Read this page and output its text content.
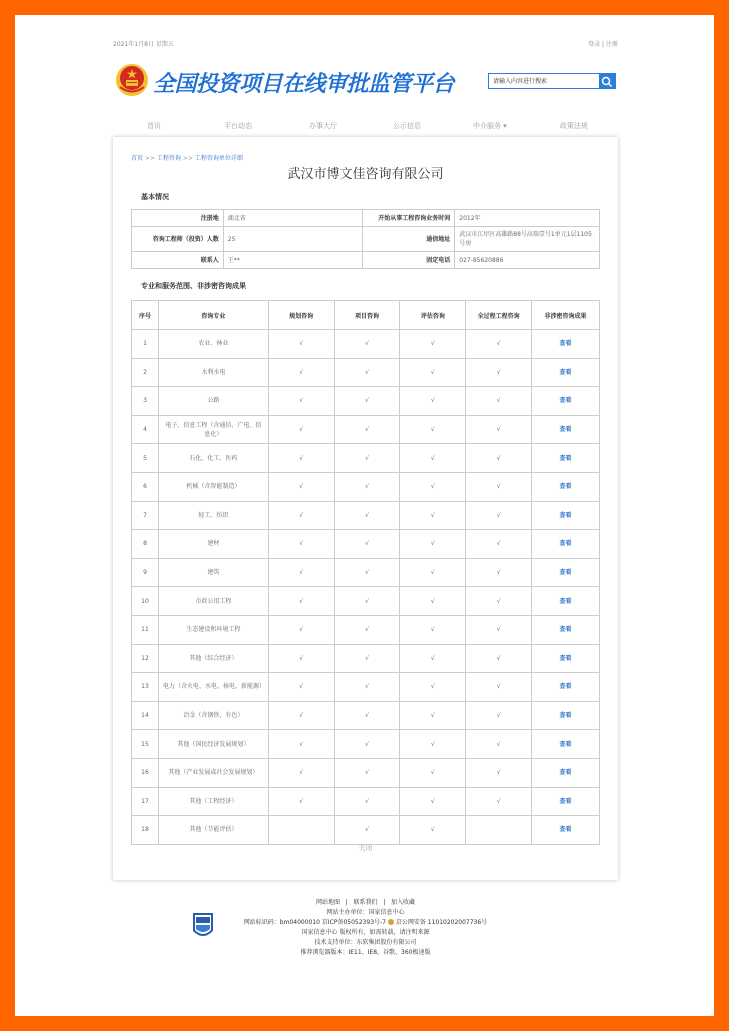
2021年1月8日 星期五	登录 | 注册
全国投资项目在线审批监管平台
请输入内容进行搜索
首页	平台动态	办事大厅	公示信息	中介服务 ▾	政策法规
首页 >> 工程咨询 >> 工程咨询单位详细
武汉市博文佳咨询有限公司
基本情况
注册地	湖北省	开始从事工程咨询业务时间	2012年
咨询工程师（投资）人数	25	通信地址	武汉市江岸区高雄路88号高瑞壹号1单元1层1105号房
联系人	王**	固定电话	027-85620886
专业和服务范围、非涉密咨询成果
序号	咨询专业	规划咨询	项目咨询	评估咨询	全过程工程咨询	非涉密咨询成果
1	农业、林业	√	√	√	√	查看
2	水利水电	√	√	√	√	查看
3	公路	√	√	√	√	查看
4	电子、信息工程（含通信、广电、信息化）	√	√	√	√	查看
5	石化、化工、医药	√	√	√	√	查看
6	机械（含智能制造）	√	√	√	√	查看
7	轻工、纺织	√	√	√	√	查看
8	建材	√	√	√	√	查看
9	建筑	√	√	√	√	查看
10	市政公用工程	√	√	√	√	查看
11	生态建设和环境工程	√	√	√	√	查看
12	其他（综合经济）	√	√	√	√	查看
13	电力（含火电、水电、核电、新能源）	√	√	√	√	查看
14	冶金（含钢铁、有色）	√	√	√	√	查看
15	其他（国民经济发展规划）	√	√	√	√	查看
16	其他（产业发展或社会发展规划）	√	√	√	√	查看
17	其他（工程经济）	√	√	√	√	查看
18	其他（节能评估）		√	√		查看
关闭
网站地图 | 联系我们 | 加入收藏
网站主办单位：国家信息中心
网站标识码：bm04000010 京ICP备05052393号-7 京公网安备 11010202007736号
国家信息中心 版权所有，如需转载，请注明来源
技术支持单位：东软集团股份有限公司
推荐浏览器版本：IE11、IE8、谷歌、360极速版
